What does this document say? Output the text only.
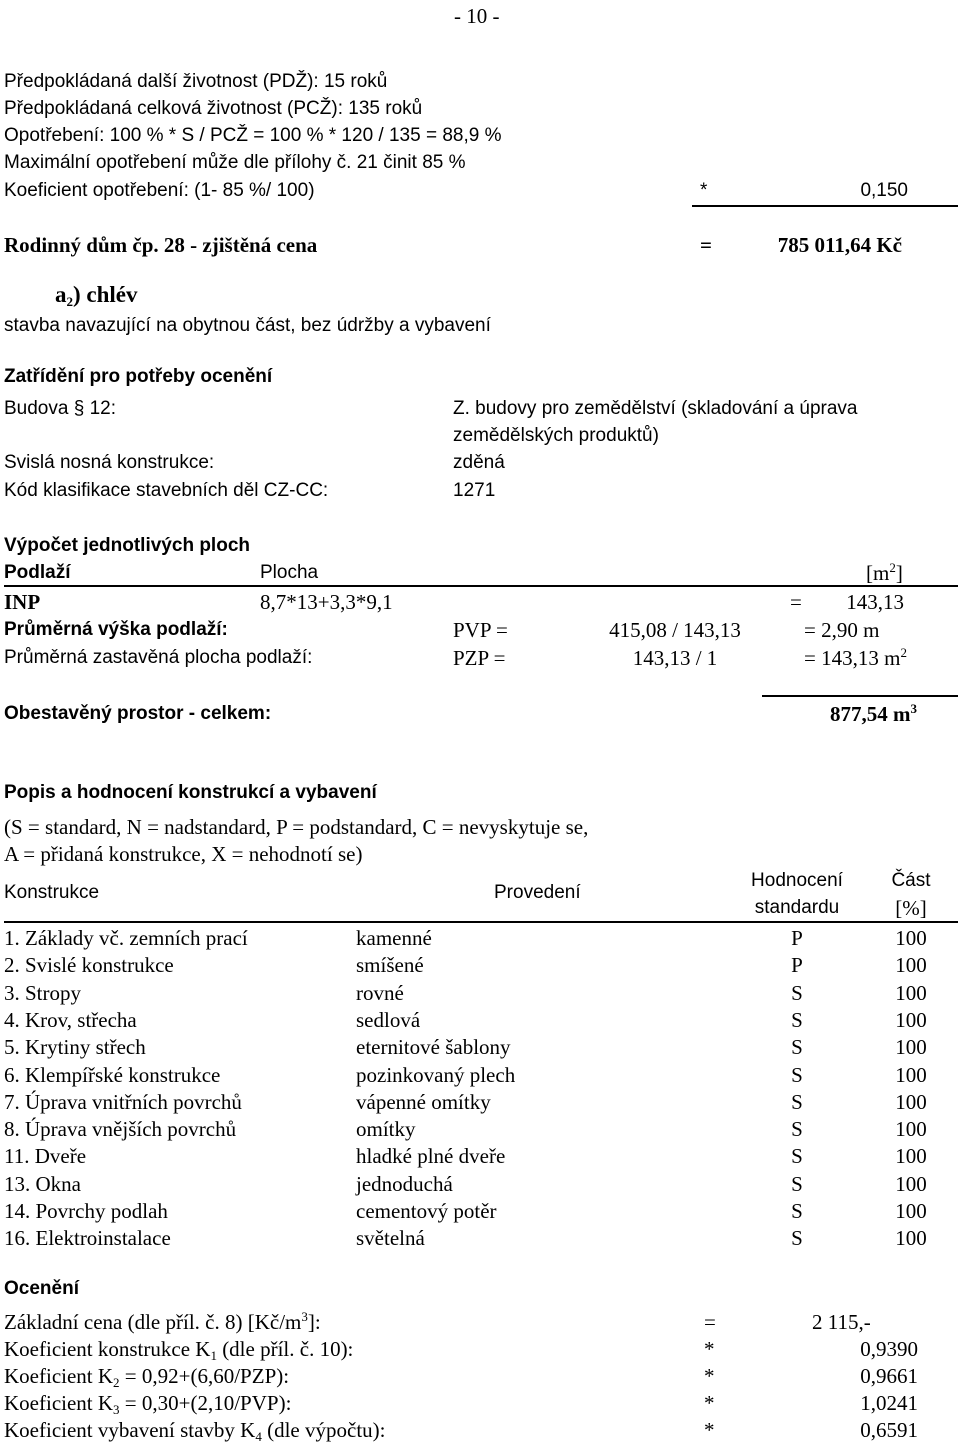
- 10 -
Předpokládaná další životnost (PDŽ): 15 roků
Předpokládaná celková životnost (PCŽ): 135 roků
Opotřebení: 100 % * S / PCŽ = 100 % * 120 / 135 = 88,9 %
Maximální opotřebení může dle přílohy č. 21 činit 85 %
Koeficient opotřebení: (1- 85 %/ 100)	*	0,150
Rodinný dům čp. 28 - zjištěná cena	=	785 011,64 Kč
$a_2$) chlév
stavba navazující na obytnou část, bez údržby a vybavení
Zatřídění pro potřeby ocenění
Budova § 12:	Z. budovy pro zemědělství (skladování a úprava
zemědělských produktů)
Svislá nosná konstrukce:	zděná
Kód klasifikace stavebních děl CZ-CC:	1271
Výpočet jednotlivých ploch
Podlaží	Plocha	$[m^2]$
INP	8,7*13+3,3*9,1	=	143,13
Průměrná výška podlaží:	PVP =	415,08 / 143,13	= 2,90 m
Průměrná zastavěná plocha podlaží:	PZP =	143,13 / 1	= 143,13 $m^2$
Obestavěný prostor - celkem:	877,54 $m^3$
Popis a hodnocení konstrukcí a vybavení
(S = standard, N = nadstandard, P = podstandard, C = nevyskytuje se,
A = přidaná konstrukce, X = nehodnotí se)
Konstrukce	Provedení
Hodnocení
standardu
Část
[%]
1. Základy vč. zemních prací	kamenné	P	100
2. Svislé konstrukce	smíšené	P	100
3. Stropy	rovné	S	100
4. Krov, střecha	sedlová	S	100
5. Krytiny střech	eternitové šablony	S	100
6. Klempířské konstrukce	pozinkovaný plech	S	100
7. Úprava vnitřních povrchů	vápenné omítky	S	100
8. Úprava vnějších povrchů	omítky	S	100
11. Dveře	hladké plné dveře	S	100
13. Okna	jednoduchá	S	100
14. Povrchy podlah	cementový potěr	S	100
16. Elektroinstalace	světelná	S	100
Ocenění
Základní cena (dle příl. č. 8) $[Kč/m^3]$:	=	2 115,-
Koeficient konstrukce $K_1$ (dle příl. č. 10):	*	0,9390
Koeficient $K_2 = 0,92+(6,60/PZP)$:	*	0,9661
Koeficient $K_3 = 0,30+(2,10/PVP)$:	*	1,0241
Koeficient vybavení stavby $K_4$ (dle výpočtu):	*	0,6591
